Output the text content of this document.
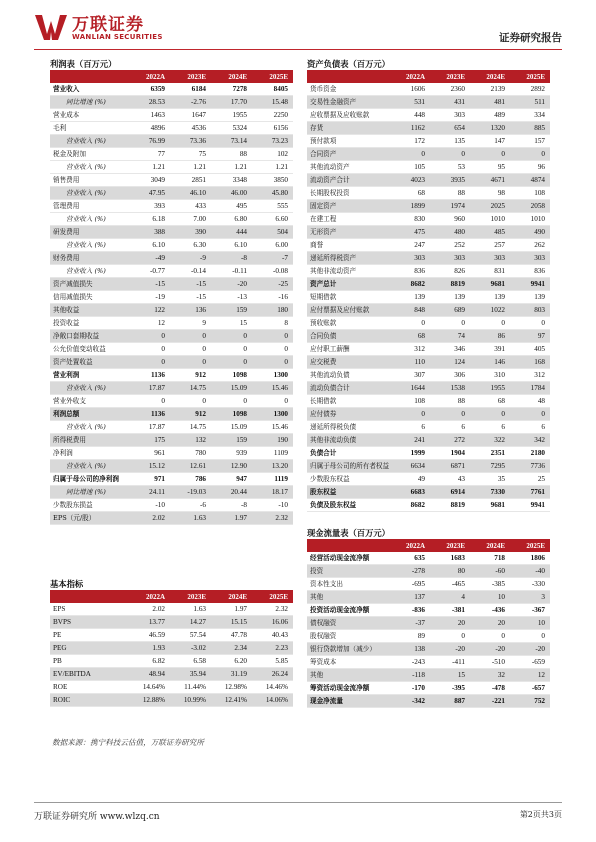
万联证券
WANLIAN SECURITIES	证券研究报告
利润表（百万元）
	2022A	2023E	2024E	2025E
营业收入	6359	6184	7278	8405
同比增速 (%)	28.53	-2.76	17.70	15.48
营业成本	1463	1647	1955	2250
毛利	4896	4536	5324	6156
营业收入 (%)	76.99	73.36	73.14	73.23
税金及附加	77	75	88	102
营业收入 (%)	1.21	1.21	1.21	1.21
销售费用	3049	2851	3348	3850
营业收入 (%)	47.95	46.10	46.00	45.80
管理费用	393	433	495	555
营业收入 (%)	6.18	7.00	6.80	6.60
研发费用	388	390	444	504
营业收入 (%)	6.10	6.30	6.10	6.00
财务费用	-49	-9	-8	-7
营业收入 (%)	-0.77	-0.14	-0.11	-0.08
资产减值损失	-15	-15	-20	-25
信用减值损失	-19	-15	-13	-16
其他收益	122	136	159	180
投资收益	12	9	15	8
净敞口套期收益	0	0	0	0
公允价值变动收益	0	0	0	0
资产处置收益	0	0	0	0
营业利润	1136	912	1098	1300
营业收入 (%)	17.87	14.75	15.09	15.46
营业外收支	0	0	0	0
利润总额	1136	912	1098	1300
营业收入 (%)	17.87	14.75	15.09	15.46
所得税费用	175	132	159	190
净利润	961	780	939	1109
营业收入 (%)	15.12	12.61	12.90	13.20
归属于母公司的净利润	971	786	947	1119
同比增速 (%)	24.11	-19.03	20.44	18.17
少数股东损益	-10	-6	-8	-10
EPS（元/股）	2.02	1.63	1.97	2.32
基本指标
	2022A	2023E	2024E	2025E
EPS	2.02	1.63	1.97	2.32
BVPS	13.77	14.27	15.15	16.06
PE	46.59	57.54	47.78	40.43
PEG	1.93	-3.02	2.34	2.23
PB	6.82	6.58	6.20	5.85
EV/EBITDA	48.94	35.94	31.19	26.24
ROE	14.64%	11.44%	12.98%	14.46%
ROIC	12.88%	10.99%	12.41%	14.06%
资产负债表（百万元）
	2022A	2023E	2024E	2025E
货币资金	1606	2360	2139	2892
交易性金融资产	531	431	481	511
应收票据及应收账款	448	303	489	334
存货	1162	654	1320	885
预付款项	172	135	147	157
合同资产	0	0	0	0
其他流动资产	105	53	95	96
流动资产合计	4023	3935	4671	4874
长期股权投资	68	88	98	108
固定资产	1899	1974	2025	2058
在建工程	830	960	1010	1010
无形资产	475	480	485	490
商誉	247	252	257	262
递延所得税资产	303	303	303	303
其他非流动资产	836	826	831	836
资产总计	8682	8819	9681	9941
短期借款	139	139	139	139
应付票据及应付账款	848	689	1022	803
预收账款	0	0	0	0
合同负债	68	74	86	97
应付职工薪酬	312	346	391	405
应交税费	110	124	146	168
其他流动负债	307	306	310	312
流动负债合计	1644	1538	1955	1784
长期借款	108	88	68	48
应付债券	0	0	0	0
递延所得税负债	6	6	6	6
其他非流动负债	241	272	322	342
负债合计	1999	1904	2351	2180
归属于母公司的所有者权益	6634	6871	7295	7736
少数股东权益	49	43	35	25
股东权益	6683	6914	7330	7761
负债及股东权益	8682	8819	9681	9941
现金流量表（百万元）
	2022A	2023E	2024E	2025E
经营活动现金流净额	635	1683	718	1806
投资	-278	80	-60	-40
资本性支出	-695	-465	-385	-330
其他	137	4	10	3
投资活动现金流净额	-836	-381	-436	-367
债权融资	-37	20	20	10
股权融资	89	0	0	0
银行贷款增加（减少）	138	-20	-20	-20
筹资成本	-243	-411	-510	-659
其他	-118	15	32	12
筹资活动现金流净额	-170	-395	-478	-657
现金净流量	-342	887	-221	752
数据来源：携宁科技云估值，万联证券研究所
万联证券研究所 www.wlzq.cn	第2页共3页
